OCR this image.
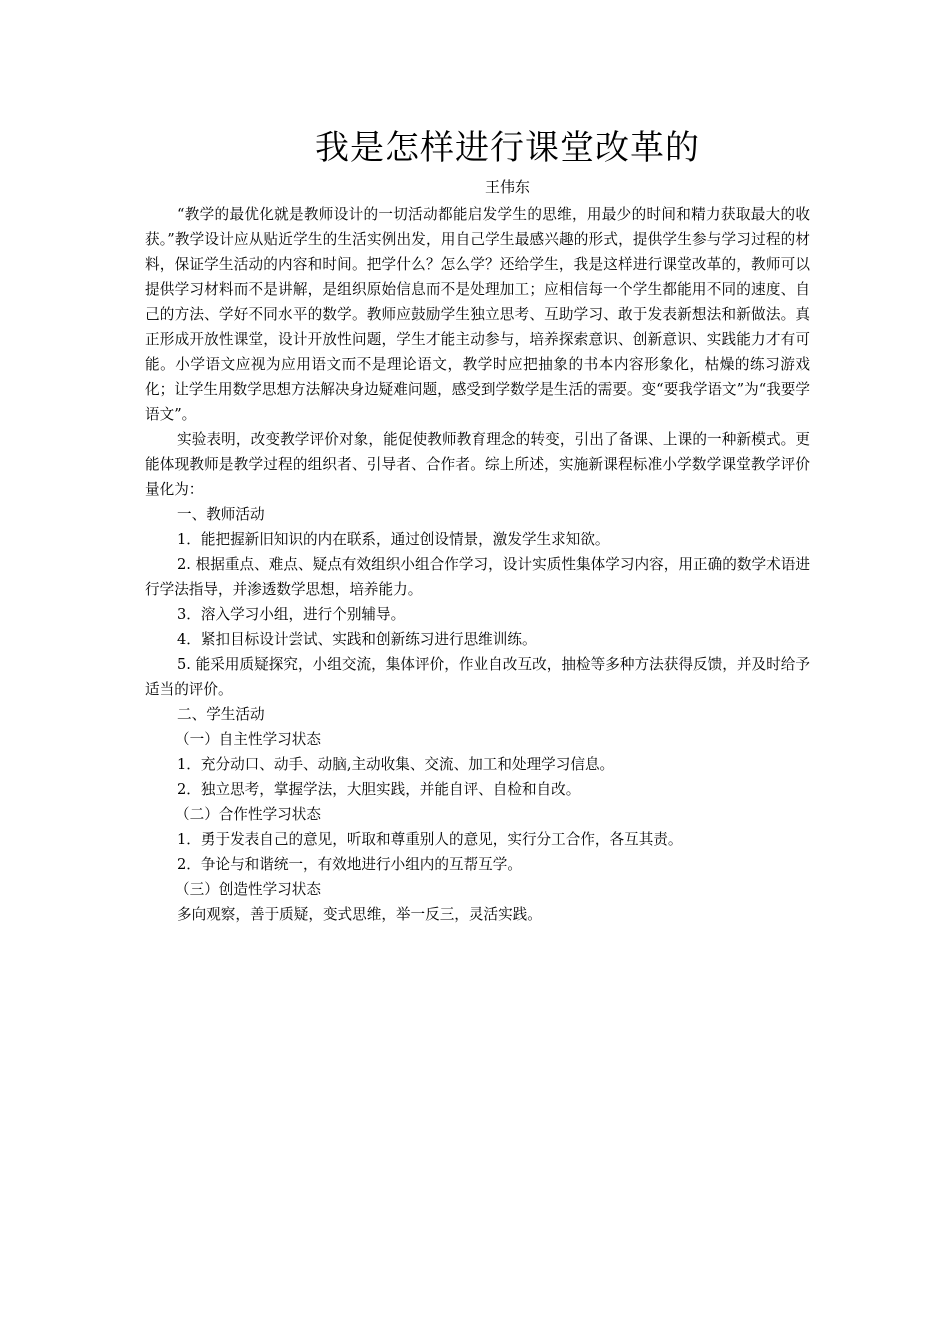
我是怎样进行课堂改革的
王伟东

“教学的最优化就是教师设计的一切活动都能启发学生的思维，用最少的时间和精力获取最大的收获。”教学设计应从贴近学生的生活实例出发，用自己学生最感兴趣的形式，提供学生参与学习过程的材料，保证学生活动的内容和时间。把学什么？怎么学？还给学生，我是这样进行课堂改革的，教师可以提供学习材料而不是讲解，是组织原始信息而不是处理加工；应相信每一个学生都能用不同的速度、自己的方法、学好不同水平的数学。教师应鼓励学生独立思考、互助学习、敢于发表新想法和新做法。真正形成开放性课堂，设计开放性问题，学生才能主动参与，培养探索意识、创新意识、实践能力才有可能。小学语文应视为应用语文而不是理论语文，教学时应把抽象的书本内容形象化，枯燥的练习游戏化；让学生用数学思想方法解决身边疑难问题，感受到学数学是生活的需要。变“要我学语文”为“我要学语文”。

实验表明，改变教学评价对象，能促使教师教育理念的转变，引出了备课、上课的一种新模式。更能体现教师是教学过程的组织者、引导者、合作者。综上所述，实施新课程标准小学数学课堂教学评价量化为：

一、教师活动

1．能把握新旧知识的内在联系，通过创设情景，激发学生求知欲。

2. 根据重点、难点、疑点有效组织小组合作学习，设计实质性集体学习内容，用正确的数学术语进行学法指导，并渗透数学思想，培养能力。

3．溶入学习小组，进行个别辅导。

4．紧扣目标设计尝试、实践和创新练习进行思维训练。

5. 能采用质疑探究，小组交流，集体评价，作业自改互改，抽检等多种方法获得反馈，并及时给予适当的评价。

二、学生活动

（一）自主性学习状态

1．充分动口、动手、动脑,主动收集、交流、加工和处理学习信息。

2．独立思考，掌握学法，大胆实践，并能自评、自检和自改。

（二）合作性学习状态

1．勇于发表自己的意见，听取和尊重别人的意见，实行分工合作，各互其责。

2．争论与和谐统一，有效地进行小组内的互帮互学。

（三）创造性学习状态

多向观察，善于质疑，变式思维，举一反三，灵活实践。
